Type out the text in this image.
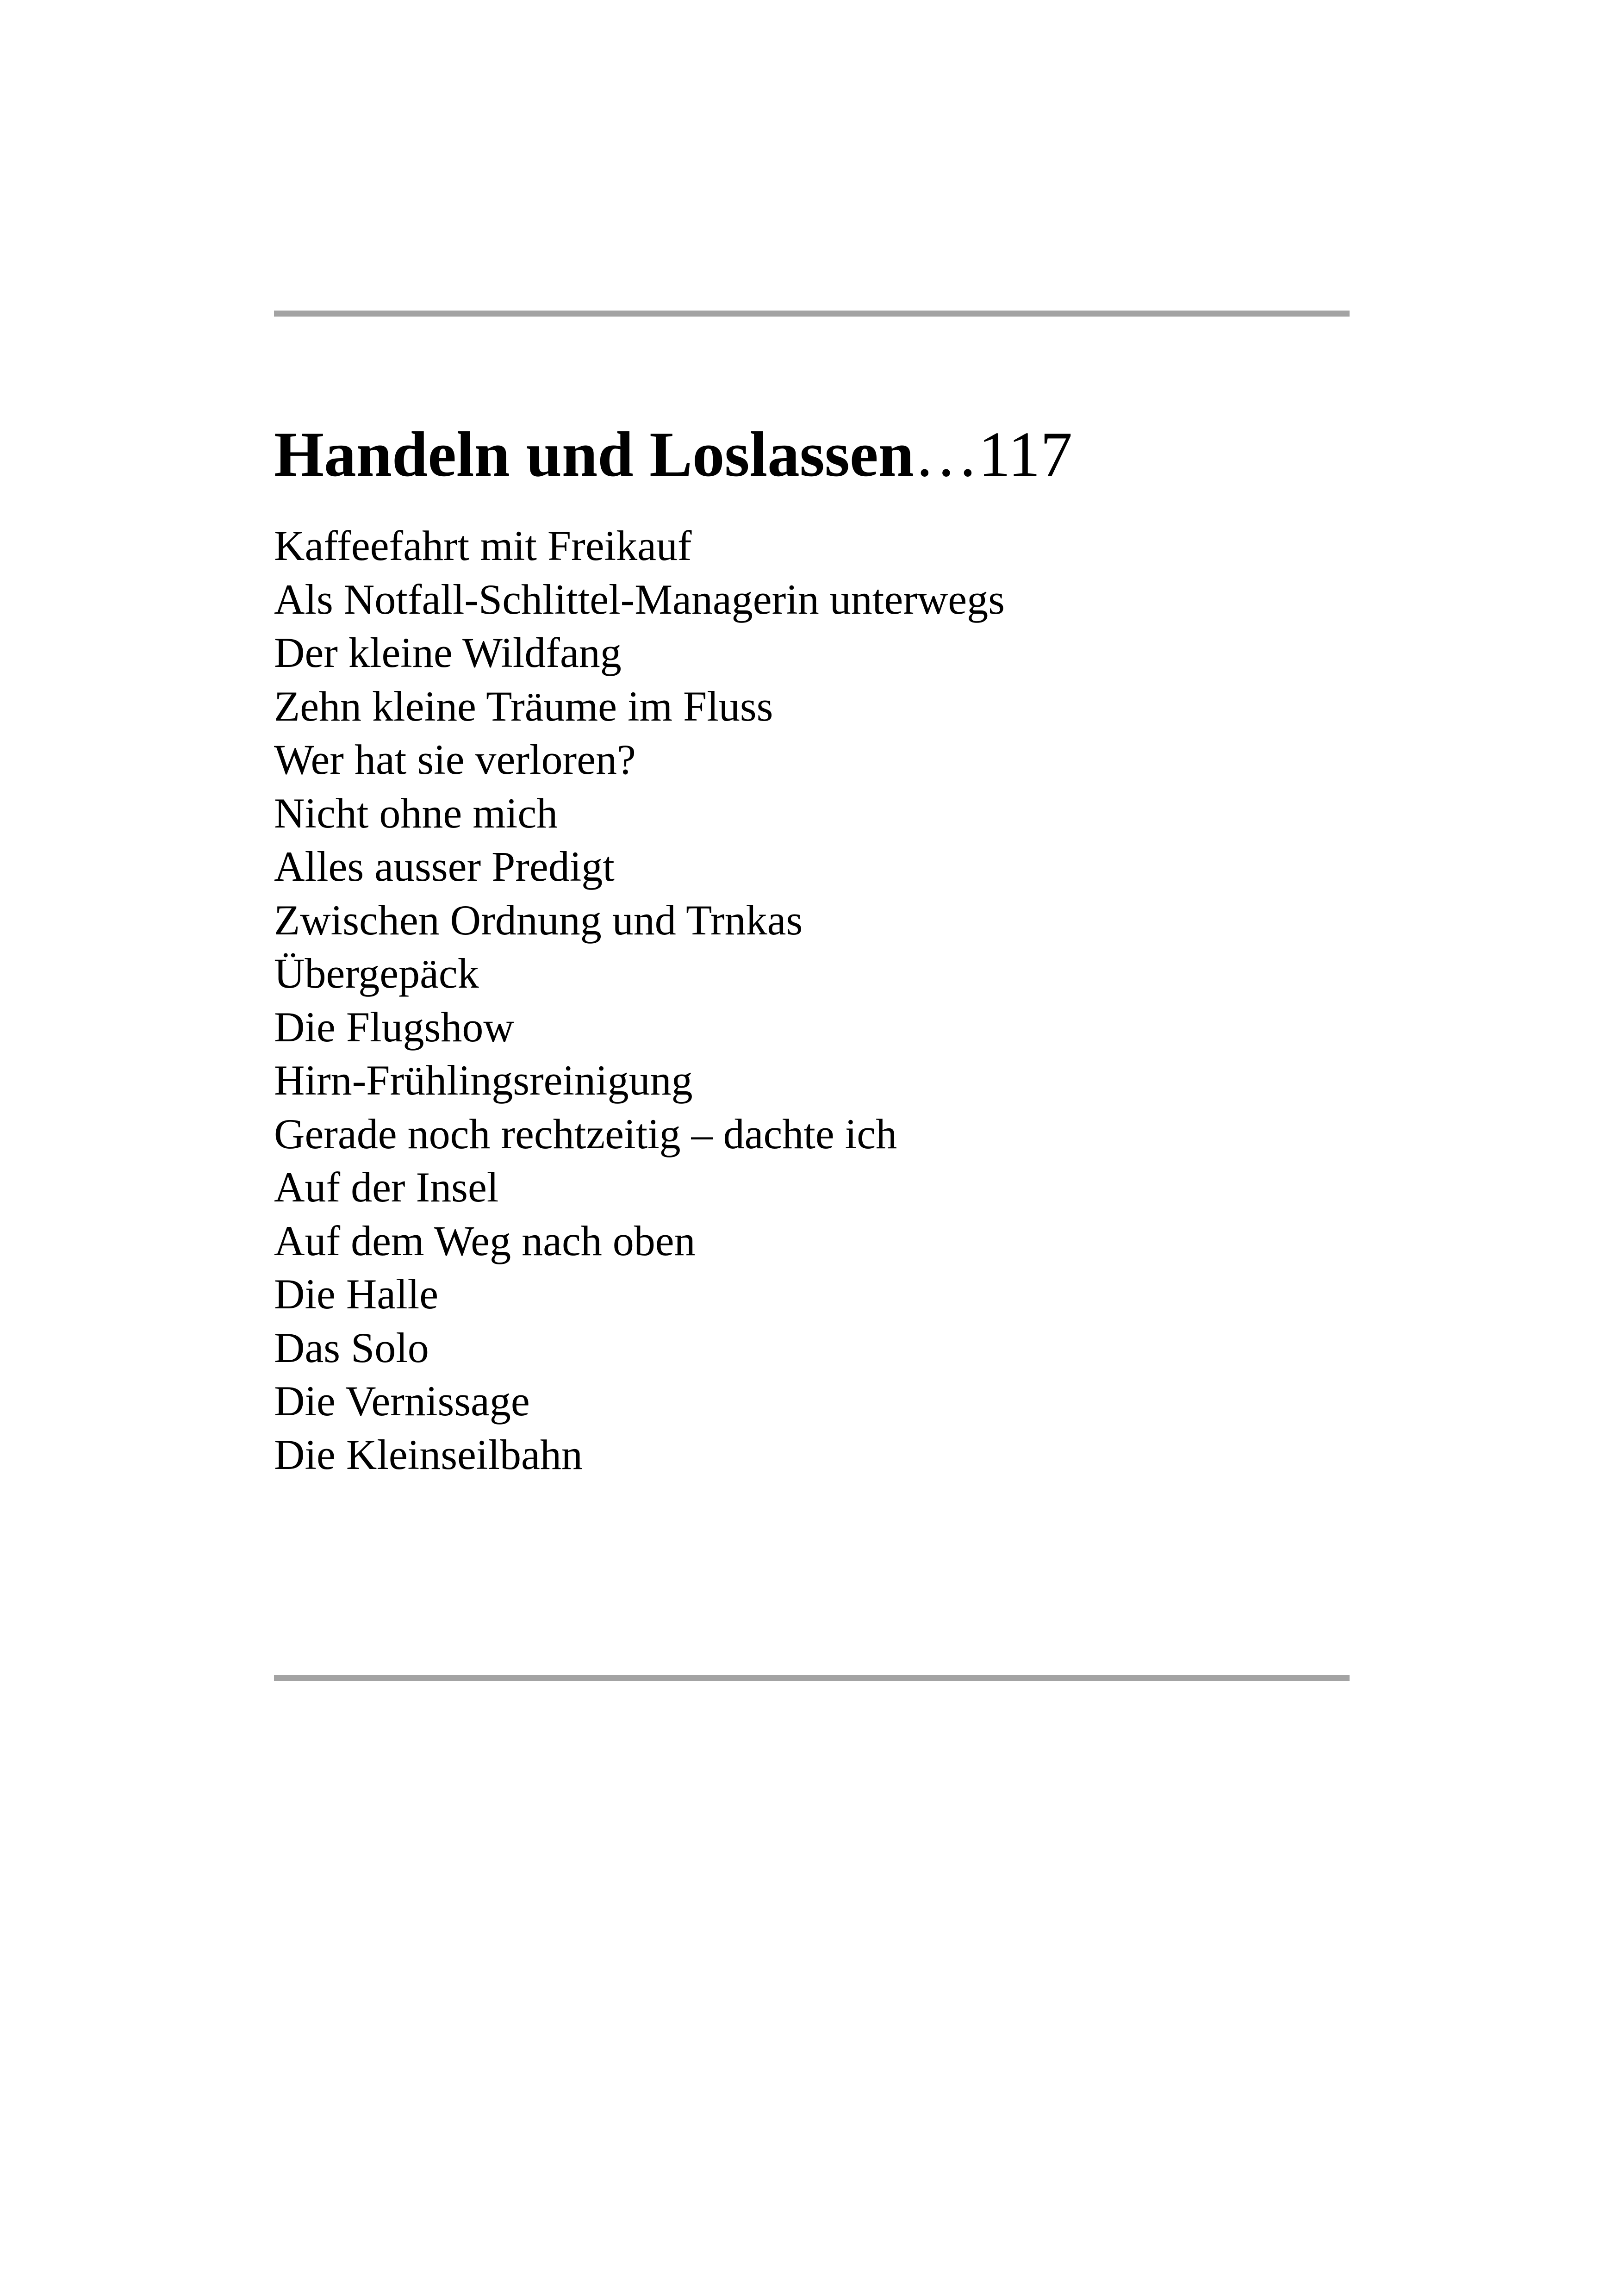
Handeln und Loslassen…117
Kaffeefahrt mit Freikauf
Als Notfall-Schlittel-Managerin unterwegs
Der kleine Wildfang
Zehn kleine Träume im Fluss
Wer hat sie verloren?
Nicht ohne mich
Alles ausser Predigt
Zwischen Ordnung und Trnkas
Übergepäck
Die Flugshow
Hirn-Frühlingsreinigung
Gerade noch rechtzeitig – dachte ich
Auf der Insel
Auf dem Weg nach oben
Die Halle
Das Solo
Die Vernissage
Die Kleinseilbahn
